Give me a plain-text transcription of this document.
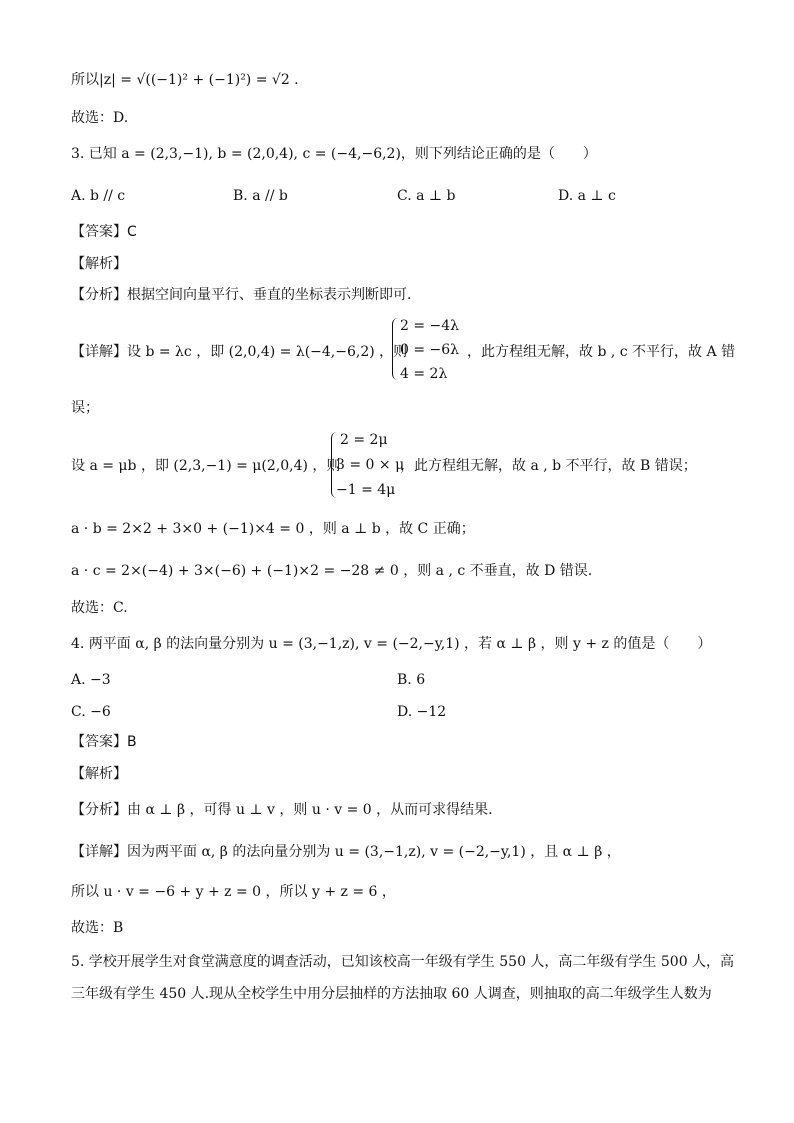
所以|z| = √((−1)² + (−1)²) = √2 .
故选：D.
3. 已知 a = (2,3,−1), b = (2,0,4), c = (−4,−6,2)，则下列结论正确的是（　　）
A. b // c	B. a // b	C. a ⊥ b	D. a ⊥ c
【答案】C
【解析】
【分析】根据空间向量平行、垂直的坐标表示判断即可.
【详解】设 b = λc ，即 (2,0,4) = λ(−4,−6,2) ，则
2 = −4λ
0 = −6λ
4 = 2λ
，此方程组无解，故 b , c 不平行，故 A 错
误；
设 a = μb ，即 (2,3,−1) = μ(2,0,4) ，则
2 = 2μ
3 = 0 × μ
−1 = 4μ
，此方程组无解，故 a , b 不平行，故 B 错误；
a · b = 2×2 + 3×0 + (−1)×4 = 0 ，则 a ⊥ b ，故 C 正确；
a · c = 2×(−4) + 3×(−6) + (−1)×2 = −28 ≠ 0 ，则 a , c 不垂直，故 D 错误.
故选：C.
4. 两平面 α, β 的法向量分别为 u = (3,−1,z), v = (−2,−y,1) ，若 α ⊥ β ，则 y + z 的值是（　　）
A. −3	B. 6
C. −6	D. −12
【答案】B
【解析】
【分析】由 α ⊥ β ，可得 u ⊥ v ，则 u · v = 0 ，从而可求得结果.
【详解】因为两平面 α, β 的法向量分别为 u = (3,−1,z), v = (−2,−y,1) ，且 α ⊥ β ，
所以 u · v = −6 + y + z = 0 ，所以 y + z = 6 ，
故选：B
5. 学校开展学生对食堂满意度的调查活动，已知该校高一年级有学生 550 人，高二年级有学生 500 人，高
三年级有学生 450 人.现从全校学生中用分层抽样的方法抽取 60 人调查，则抽取的高二年级学生人数为
